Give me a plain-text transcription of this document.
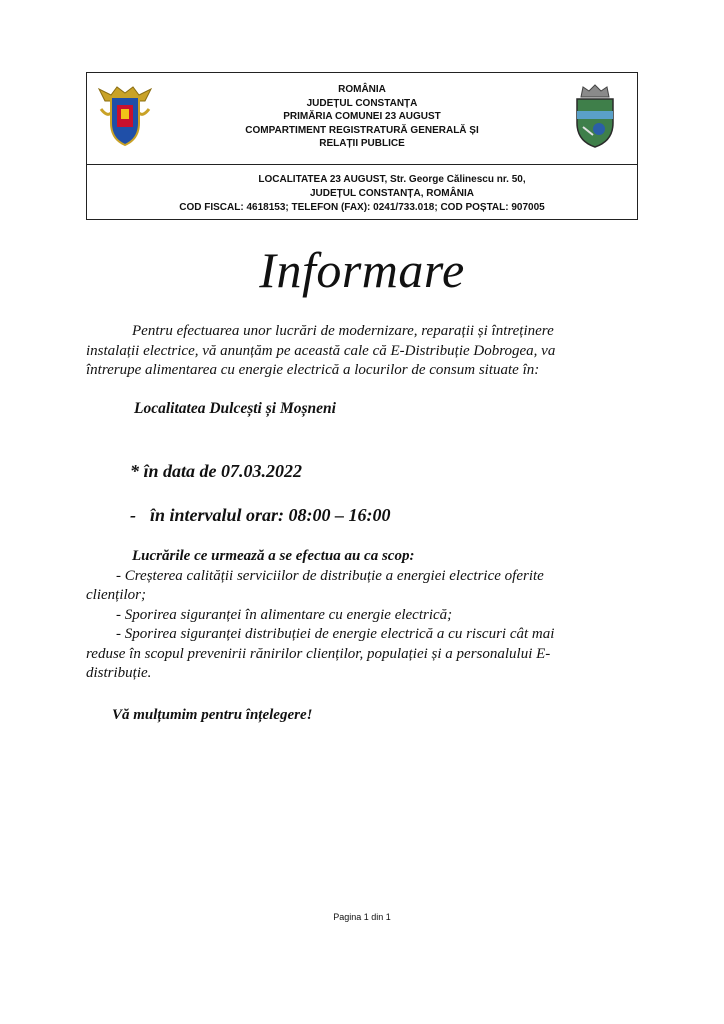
ROMÂNIA
JUDEȚUL CONSTANȚA
PRIMĂRIA COMUNEI 23 AUGUST
COMPARTIMENT REGISTRATURĂ GENERALĂ ȘI
RELAȚII PUBLICE
LOCALITATEA 23 AUGUST, Str. George Călinescu nr. 50,
JUDEȚUL CONSTANȚA, ROMÂNIA
COD FISCAL: 4618153; TELEFON (FAX): 0241/733.018; COD POȘTAL: 907005
Informare
Pentru efectuarea unor lucrări de modernizare, reparații și întreținere
instalații electrice, vă anunțăm pe această cale că E-Distribuție Dobrogea, va
întrerupe alimentarea cu energie electrică a locurilor de consum situate în:
Localitatea Dulcești și Moșneni
* în data de 07.03.2022
- în intervalul orar: 08:00 – 16:00
Lucrările ce urmează a se efectua au ca scop:
- Creșterea calității serviciilor de distribuție a energiei electrice oferite
clienților;
- Sporirea siguranței în alimentare cu energie electrică;
- Sporirea siguranței distribuției de energie electrică a cu riscuri cât mai
reduse în scopul prevenirii rănirilor clienților, populației și a personalului E-
distribuție.
Vă mulțumim pentru înțelegere!
Pagina 1 din 1
